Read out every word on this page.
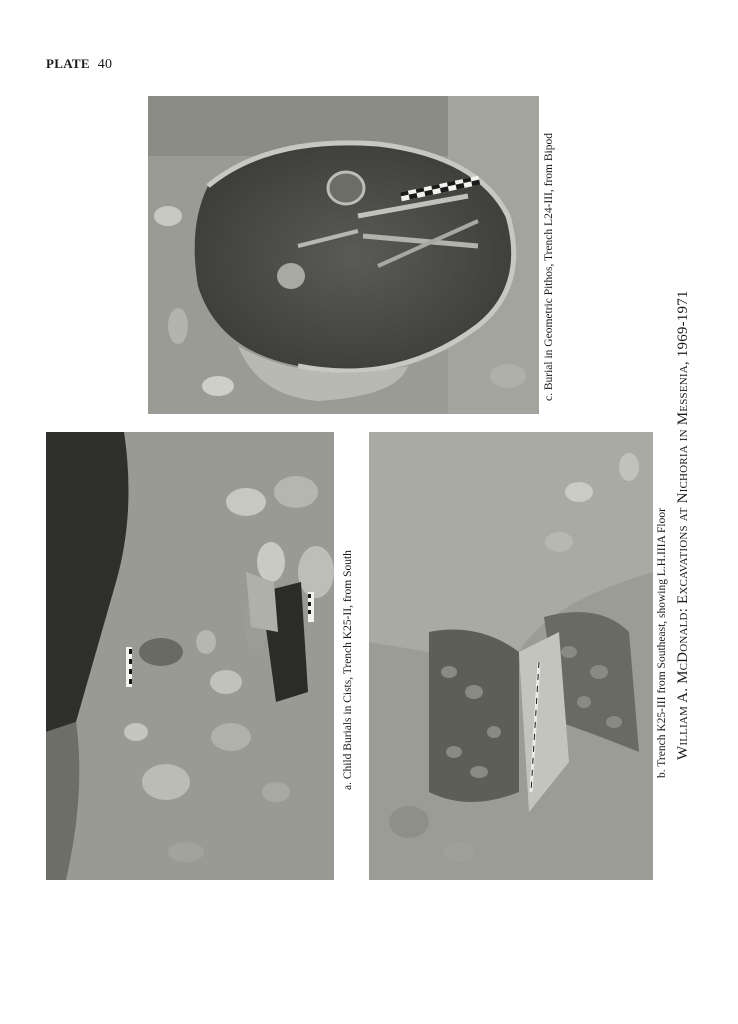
PLATE 40
c. Burial in Geometric Pithos, Trench L24-III, from Bipod
a. Child Burials in Cists, Trench K25-II, from South	b. Trench K25-III from Southeast, showing L.H.IIIA Floor William A. McDonald: Excavations at Nichoria in Messenia, 1969-1971
